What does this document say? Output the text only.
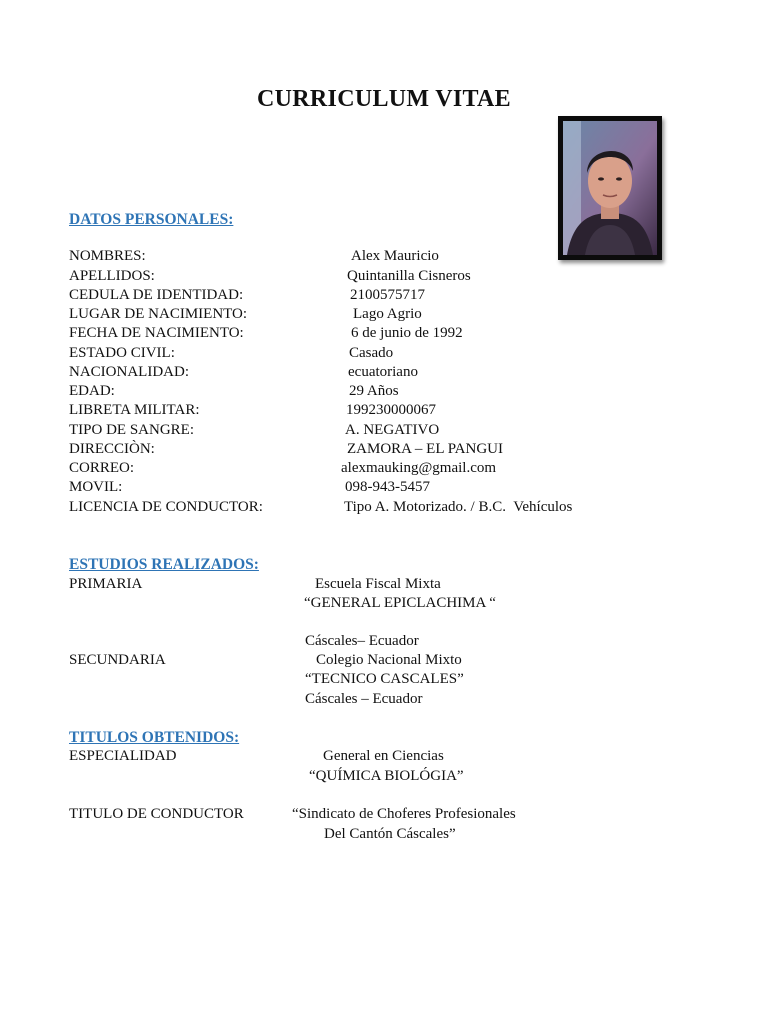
CURRICULUM VITAE
DATOS PERSONALES:
NOMBRES:	Alex Mauricio
APELLIDOS:	Quintanilla Cisneros
CEDULA DE IDENTIDAD:	2100575717
LUGAR DE NACIMIENTO:	Lago Agrio
FECHA DE NACIMIENTO:	6 de junio de 1992
ESTADO CIVIL:	Casado
NACIONALIDAD:	ecuatoriano
EDAD:	29 Años
LIBRETA MILITAR:	199230000067
TIPO DE SANGRE:	A. NEGATIVO
DIRECCIÒN:	ZAMORA – EL PANGUI
CORREO:	alexmauking@gmail.com
MOVIL:	098-943-5457
LICENCIA DE CONDUCTOR:	Tipo A. Motorizado. / B.C.  Vehículos
ESTUDIOS REALIZADOS:
PRIMARIA	Escuela Fiscal Mixta
“GENERAL EPICLACHIMA “
Cáscales– Ecuador
SECUNDARIA	Colegio Nacional Mixto
“TECNICO CASCALES”
Cáscales – Ecuador
TITULOS OBTENIDOS:
ESPECIALIDAD	General en Ciencias
“QUÍMICA BIOLÓGIA”
TITULO DE CONDUCTOR	“Sindicato de Choferes Profesionales
Del Cantón Cáscales”
